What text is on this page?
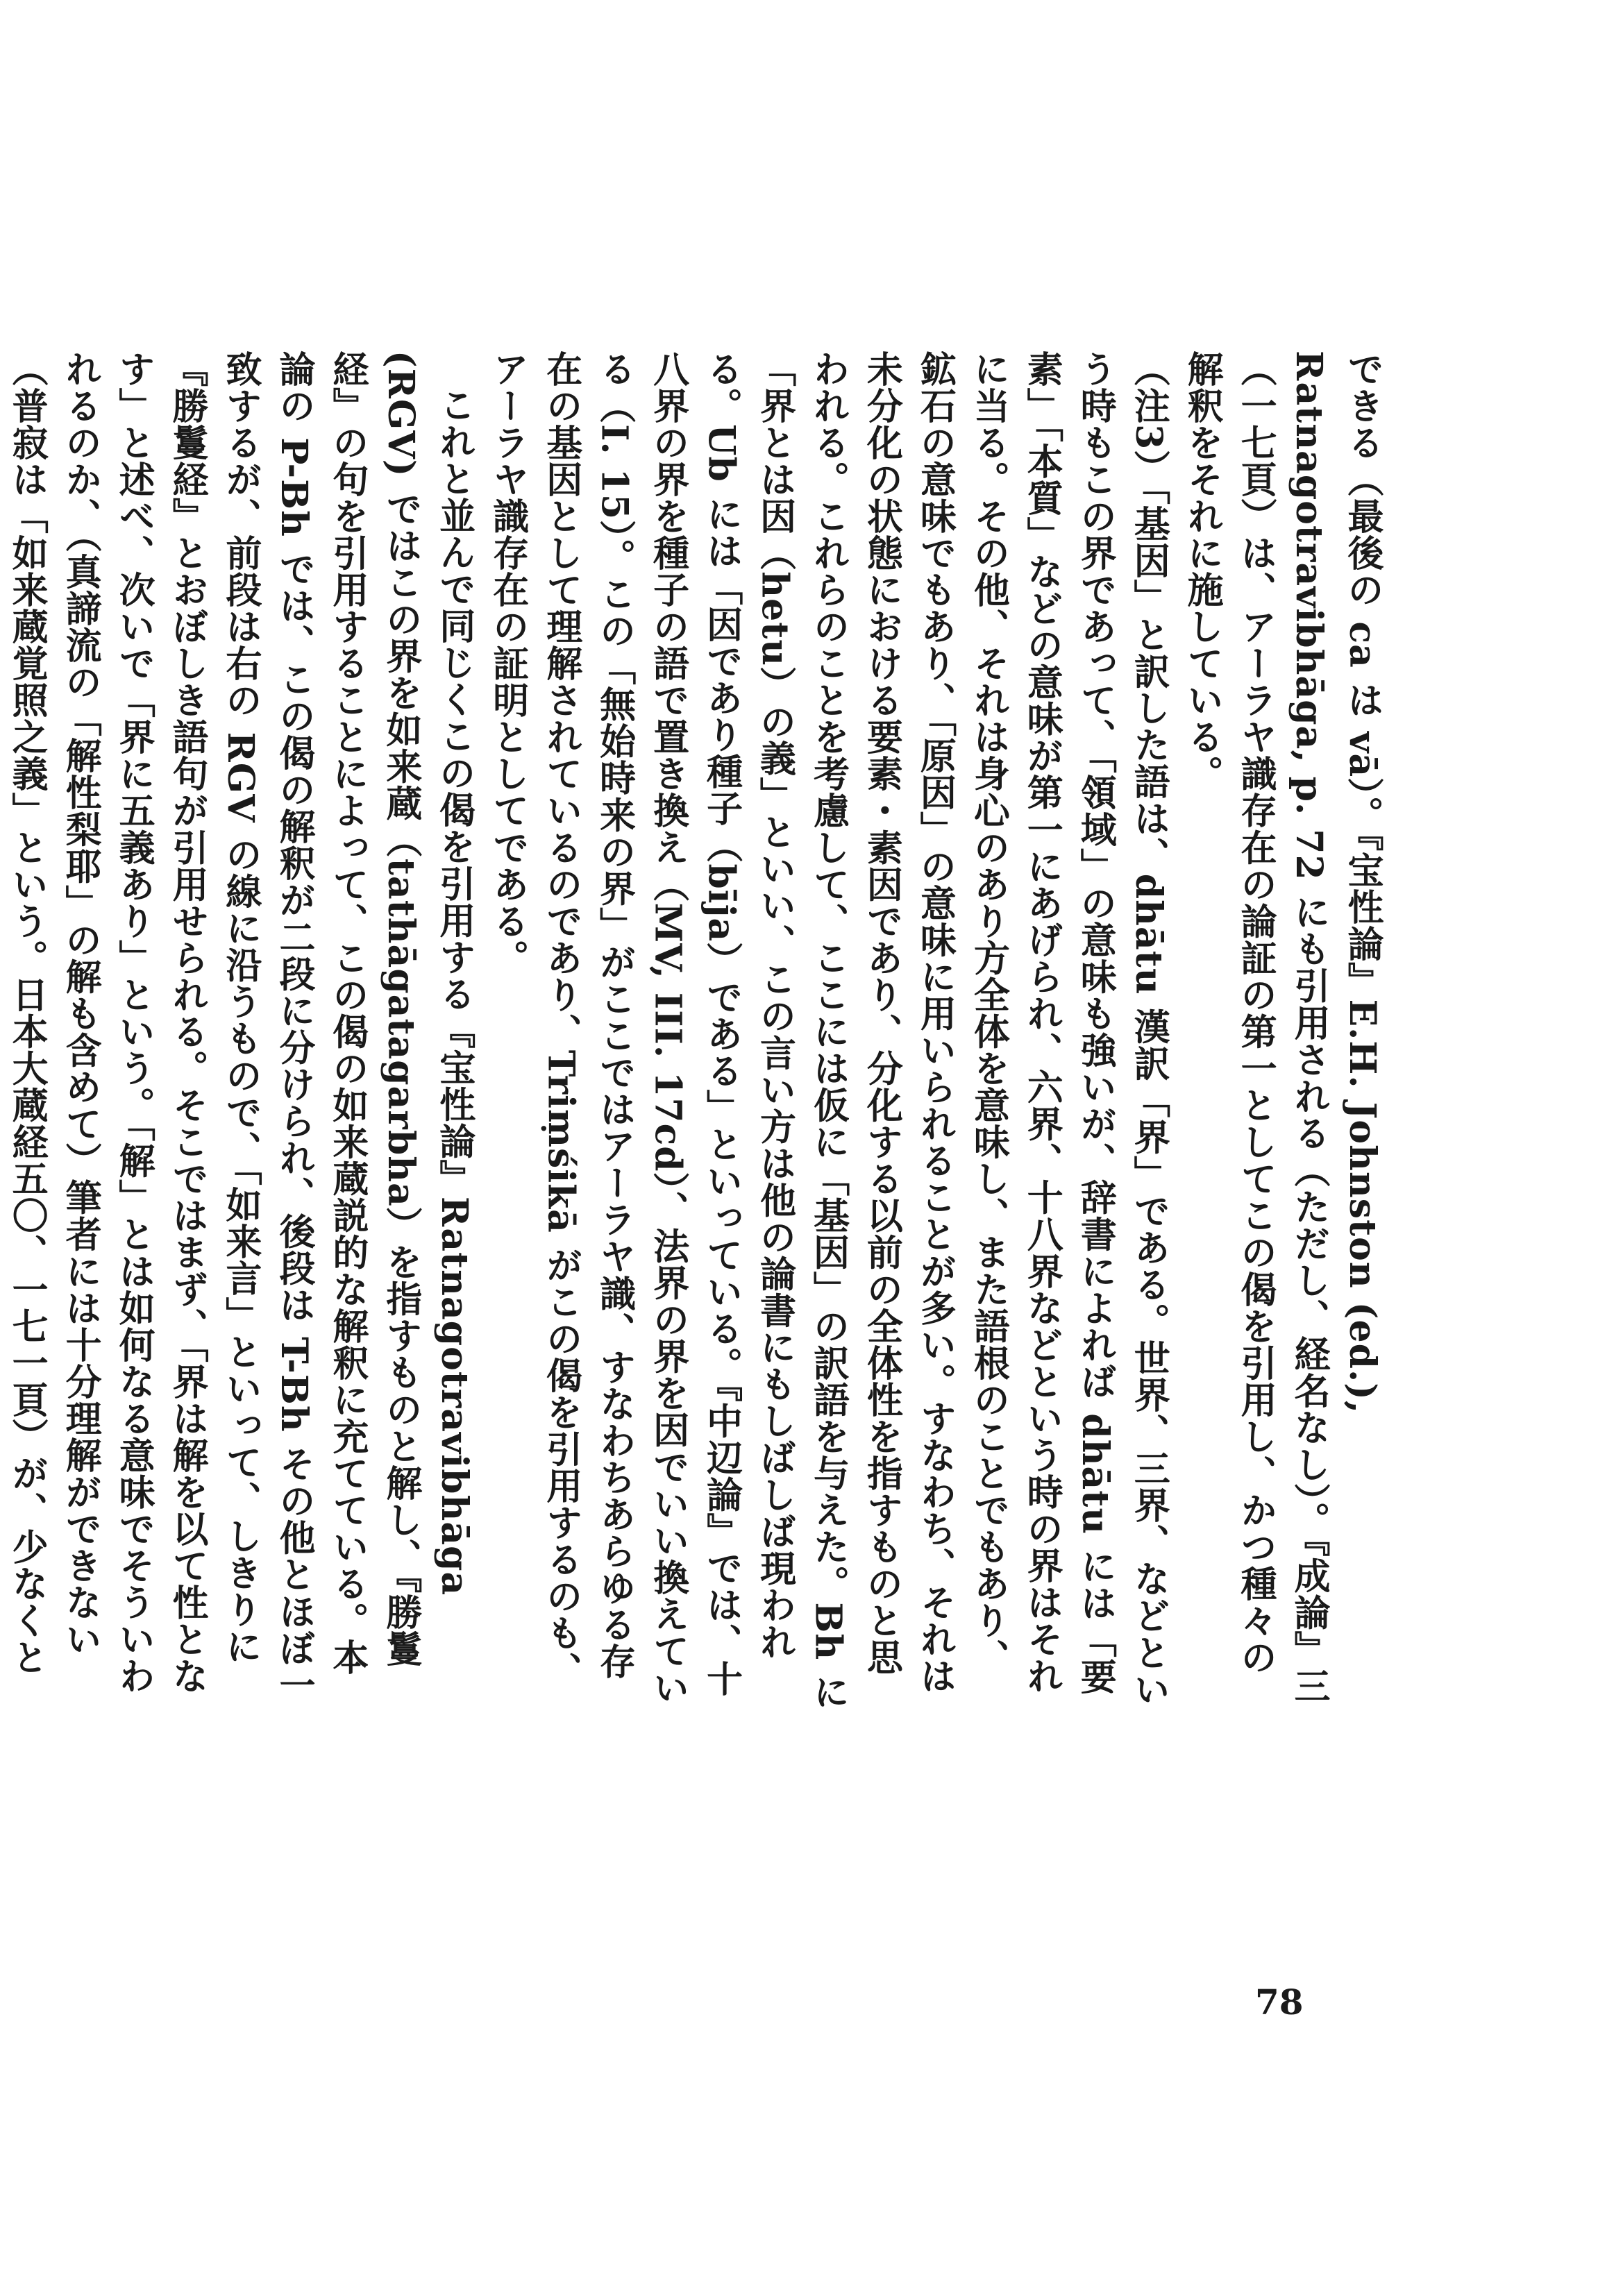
できる（最後の ca は vā）。『宝性論』E.H. Johnston (ed.), Ratnagotravibhāga, p. 72 にも引用される（ただし、経名なし）。『成論』三（一七頁）は、アーラヤ識存在の論証の第一としてこの偈を引用し、かつ種々の解釈をそれに施している。

（注3）「基因」と訳した語は、dhātu 漢訳「界」である。世界、三界、などという時もこの界であって、「領域」の意味も強いが、辞書によれば dhātu には「要素」「本質」などの意味が第一にあげられ、六界、十八界などという時の界はそれに当る。その他、それは身心のあり方全体を意味し、また語根のことでもあり、鉱石の意味でもあり、「原因」の意味に用いられることが多い。すなわち、それは未分化の状態における要素・素因であり、分化する以前の全体性を指すものと思われる。これらのことを考慮して、ここには仮に「基因」の訳語を与えた。Bh に「界とは因（hetu）の義」といい、この言い方は他の論書にもしばしば現われる。Ub には「因であり種子（bīja）である」といっている。『中辺論』では、十八界の界を種子の語で置き換え（MV, III. 17cd）、法界の界を因でいい換えている（I. 15）。この「無始時来の界」がここではアーラヤ識、すなわちあらゆる存在の基因として理解されているのであり、Triṃśikā がこの偈を引用するのも、アーラヤ識存在の証明としてである。

これと並んで同じくこの偈を引用する『宝性論』Ratnagotravibhāga (RGV) ではこの界を如来蔵（tathāgatagarbha）を指すものと解し、『勝鬘経』の句を引用することによって、この偈の如来蔵説的な解釈に充てている。本論の P-Bh では、この偈の解釈が二段に分けられ、後段は T-Bh その他とほぼ一致するが、前段は右の RGV の線に沿うもので、「如来言」といって、しきりに『勝鬘経』とおぼしき語句が引用せられる。そこではまず、「界は解を以て性となす」と述べ、次いで「界に五義あり」という。「解」とは如何なる意味でそういわれるのか、（真諦流の「解性梨耶」の解も含めて）筆者には十分理解ができない（普寂は「如来蔵覚照之義」という。日本大蔵経五〇、一七一頁）が、少なくと

78
